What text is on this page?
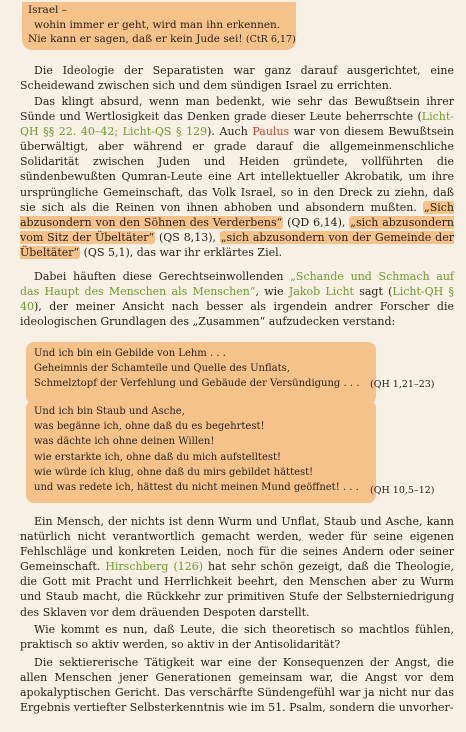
Israel –
wohin immer er geht, wird man ihn erkennen.
Nie kann er sagen, daß er kein Jude sei! (CtR 6,17)
Die Ideologie der Separatisten war ganz darauf ausgerichtet, eine Scheidewand zwischen sich und dem sündigen Israel zu errichten.
Das klingt absurd, wenn man bedenkt, wie sehr das Bewußtsein ihrer Sünde und Wertlosigkeit das Denken grade dieser Leute beherrschte (Licht-QH §§ 22. 40–42; Licht-QS § 129). Auch Paulus war von diesem Bewußtsein überwältigt, aber während er grade darauf die allgemeinmenschliche Solidarität zwischen Juden und Heiden gründete, vollführten die sündenbewußten Qumran-Leute eine Art intellektueller Akrobatik, um ihre ursprüngliche Gemeinschaft, das Volk Israel, so in den Dreck zu ziehn, daß sie sich als die Reinen von ihnen abhoben und absondern mußten. „Sich abzusondern von den Söhnen des Verderbens“ (QD 6,14), „sich abzusondern vom Sitz der Übeltäter“ (QS 8,13), „sich abzusondern von der Gemeinde der Übeltäter“ (QS 5,1), das war ihr erklärtes Ziel.
Dabei häuften diese Gerechtseinwollenden „Schande und Schmach auf das Haupt des Menschen als Menschen“, wie Jakob Licht sagt (Licht-QH § 40), der meiner Ansicht nach besser als irgendein andrer Forscher die ideologischen Grundlagen des „Zusammen“ aufzudecken verstand:
Und ich bin ein Gebilde von Lehm . . .
Geheimnis der Schamteile und Quelle des Unflats,
Schmelztopf der Verfehlung und Gebäude der Versündigung . . .	(QH 1,21–23)
Und ich bin Staub und Asche,
was begänne ich, ohne daß du es begehrtest!
was dächte ich ohne deinen Willen!
wie erstarkte ich, ohne daß du mich aufstelltest!
wie würde ich klug, ohne daß du mirs gebildet hättest!
und was redete ich, hättest du nicht meinen Mund geöffnet! . . .	(QH 10,5–12)
Ein Mensch, der nichts ist denn Wurm und Unflat, Staub und Asche, kann natürlich nicht verantwortlich gemacht werden, weder für seine eigenen Fehlschläge und konkreten Leiden, noch für die seines Andern oder seiner Gemeinschaft. Hirschberg (126) hat sehr schön gezeigt, daß die Theologie, die Gott mit Pracht und Herrlichkeit beehrt, den Menschen aber zu Wurm und Staub macht, die Rückkehr zur primitiven Stufe der Selbsterniedrigung des Sklaven vor dem dräuenden Despoten darstellt.
Wie kommt es nun, daß Leute, die sich theoretisch so machtlos fühlen, praktisch so aktiv werden, so aktiv in der Antisolidarität?
Die sektiererische Tätigkeit war eine der Konsequenzen der Angst, die allen Menschen jener Generationen gemeinsam war, die Angst vor dem apokalyptischen Gericht. Das verschärfte Sündengefühl war ja nicht nur das Ergebnis vertiefter Selbsterkenntnis wie im 51. Psalm, sondern die unvorher-
